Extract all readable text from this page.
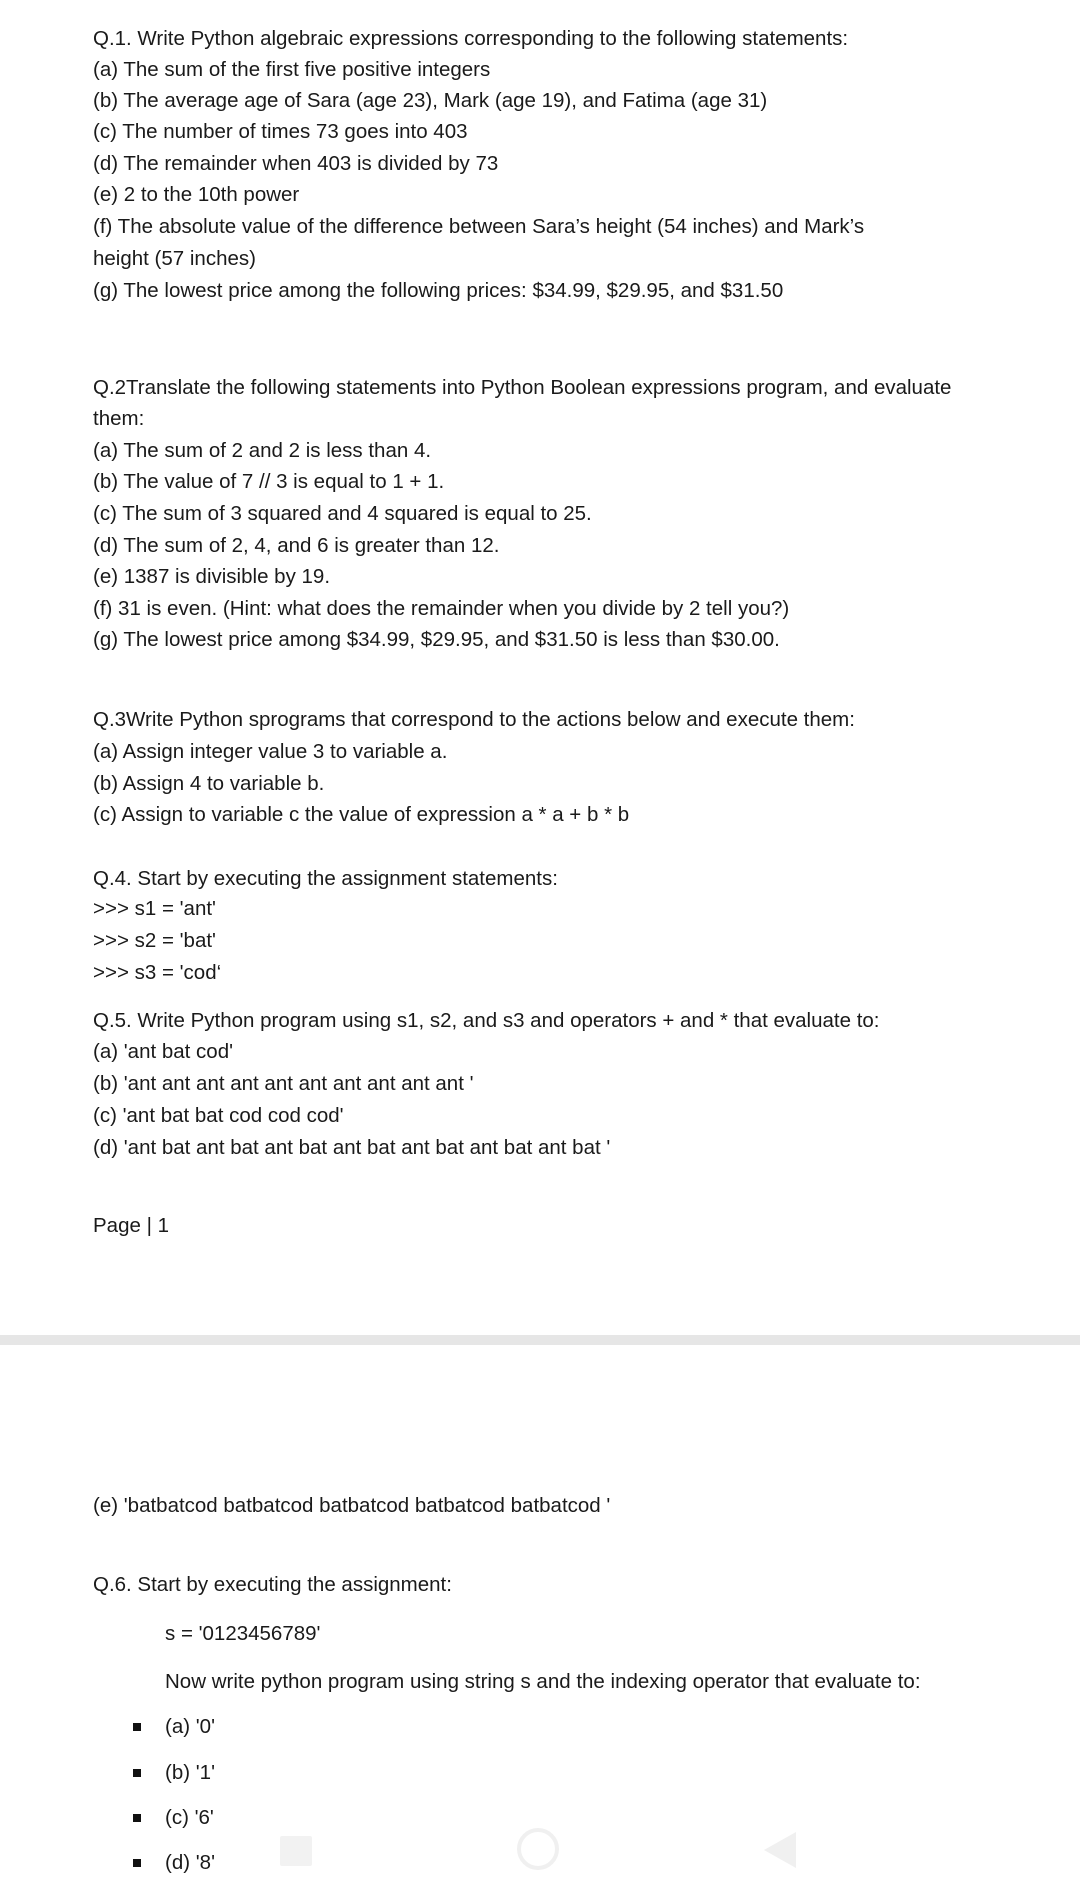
Q.1. Write Python algebraic expressions corresponding to the following statements:
(a) The sum of the first five positive integers
(b) The average age of Sara (age 23), Mark (age 19), and Fatima (age 31)
(c) The number of times 73 goes into 403
(d) The remainder when 403 is divided by 73
(e) 2 to the 10th power
(f) The absolute value of the difference between Sara’s height (54 inches) and Mark’s
height (57 inches)
(g) The lowest price among the following prices: $34.99, $29.95, and $31.50
Q.2Translate the following statements into Python Boolean expressions program, and evaluate
them:
(a) The sum of 2 and 2 is less than 4.
(b) The value of 7 // 3 is equal to 1 + 1.
(c) The sum of 3 squared and 4 squared is equal to 25.
(d) The sum of 2, 4, and 6 is greater than 12.
(e) 1387 is divisible by 19.
(f) 31 is even. (Hint: what does the remainder when you divide by 2 tell you?)
(g) The lowest price among $34.99, $29.95, and $31.50 is less than $30.00.
Q.3Write Python sprograms that correspond to the actions below and execute them:
(a) Assign integer value 3 to variable a.
(b) Assign 4 to variable b.
(c) Assign to variable c the value of expression a * a + b * b
Q.4. Start by executing the assignment statements:
>>> s1 = 'ant'
>>> s2 = 'bat'
>>> s3 = 'cod‘
Q.5. Write Python program using s1, s2, and s3 and operators + and * that evaluate to:
(a) 'ant bat cod'
(b) 'ant ant ant ant ant ant ant ant ant ant '
(c) 'ant bat bat cod cod cod'
(d) 'ant bat ant bat ant bat ant bat ant bat ant bat ant bat '
Page | 1
(e) 'batbatcod batbatcod batbatcod batbatcod batbatcod '
Q.6. Start by executing the assignment:
s = '0123456789'
Now write python program using string s and the indexing operator that evaluate to:
(a) '0'
(b) '1'
(c) '6'
(d) '8'
